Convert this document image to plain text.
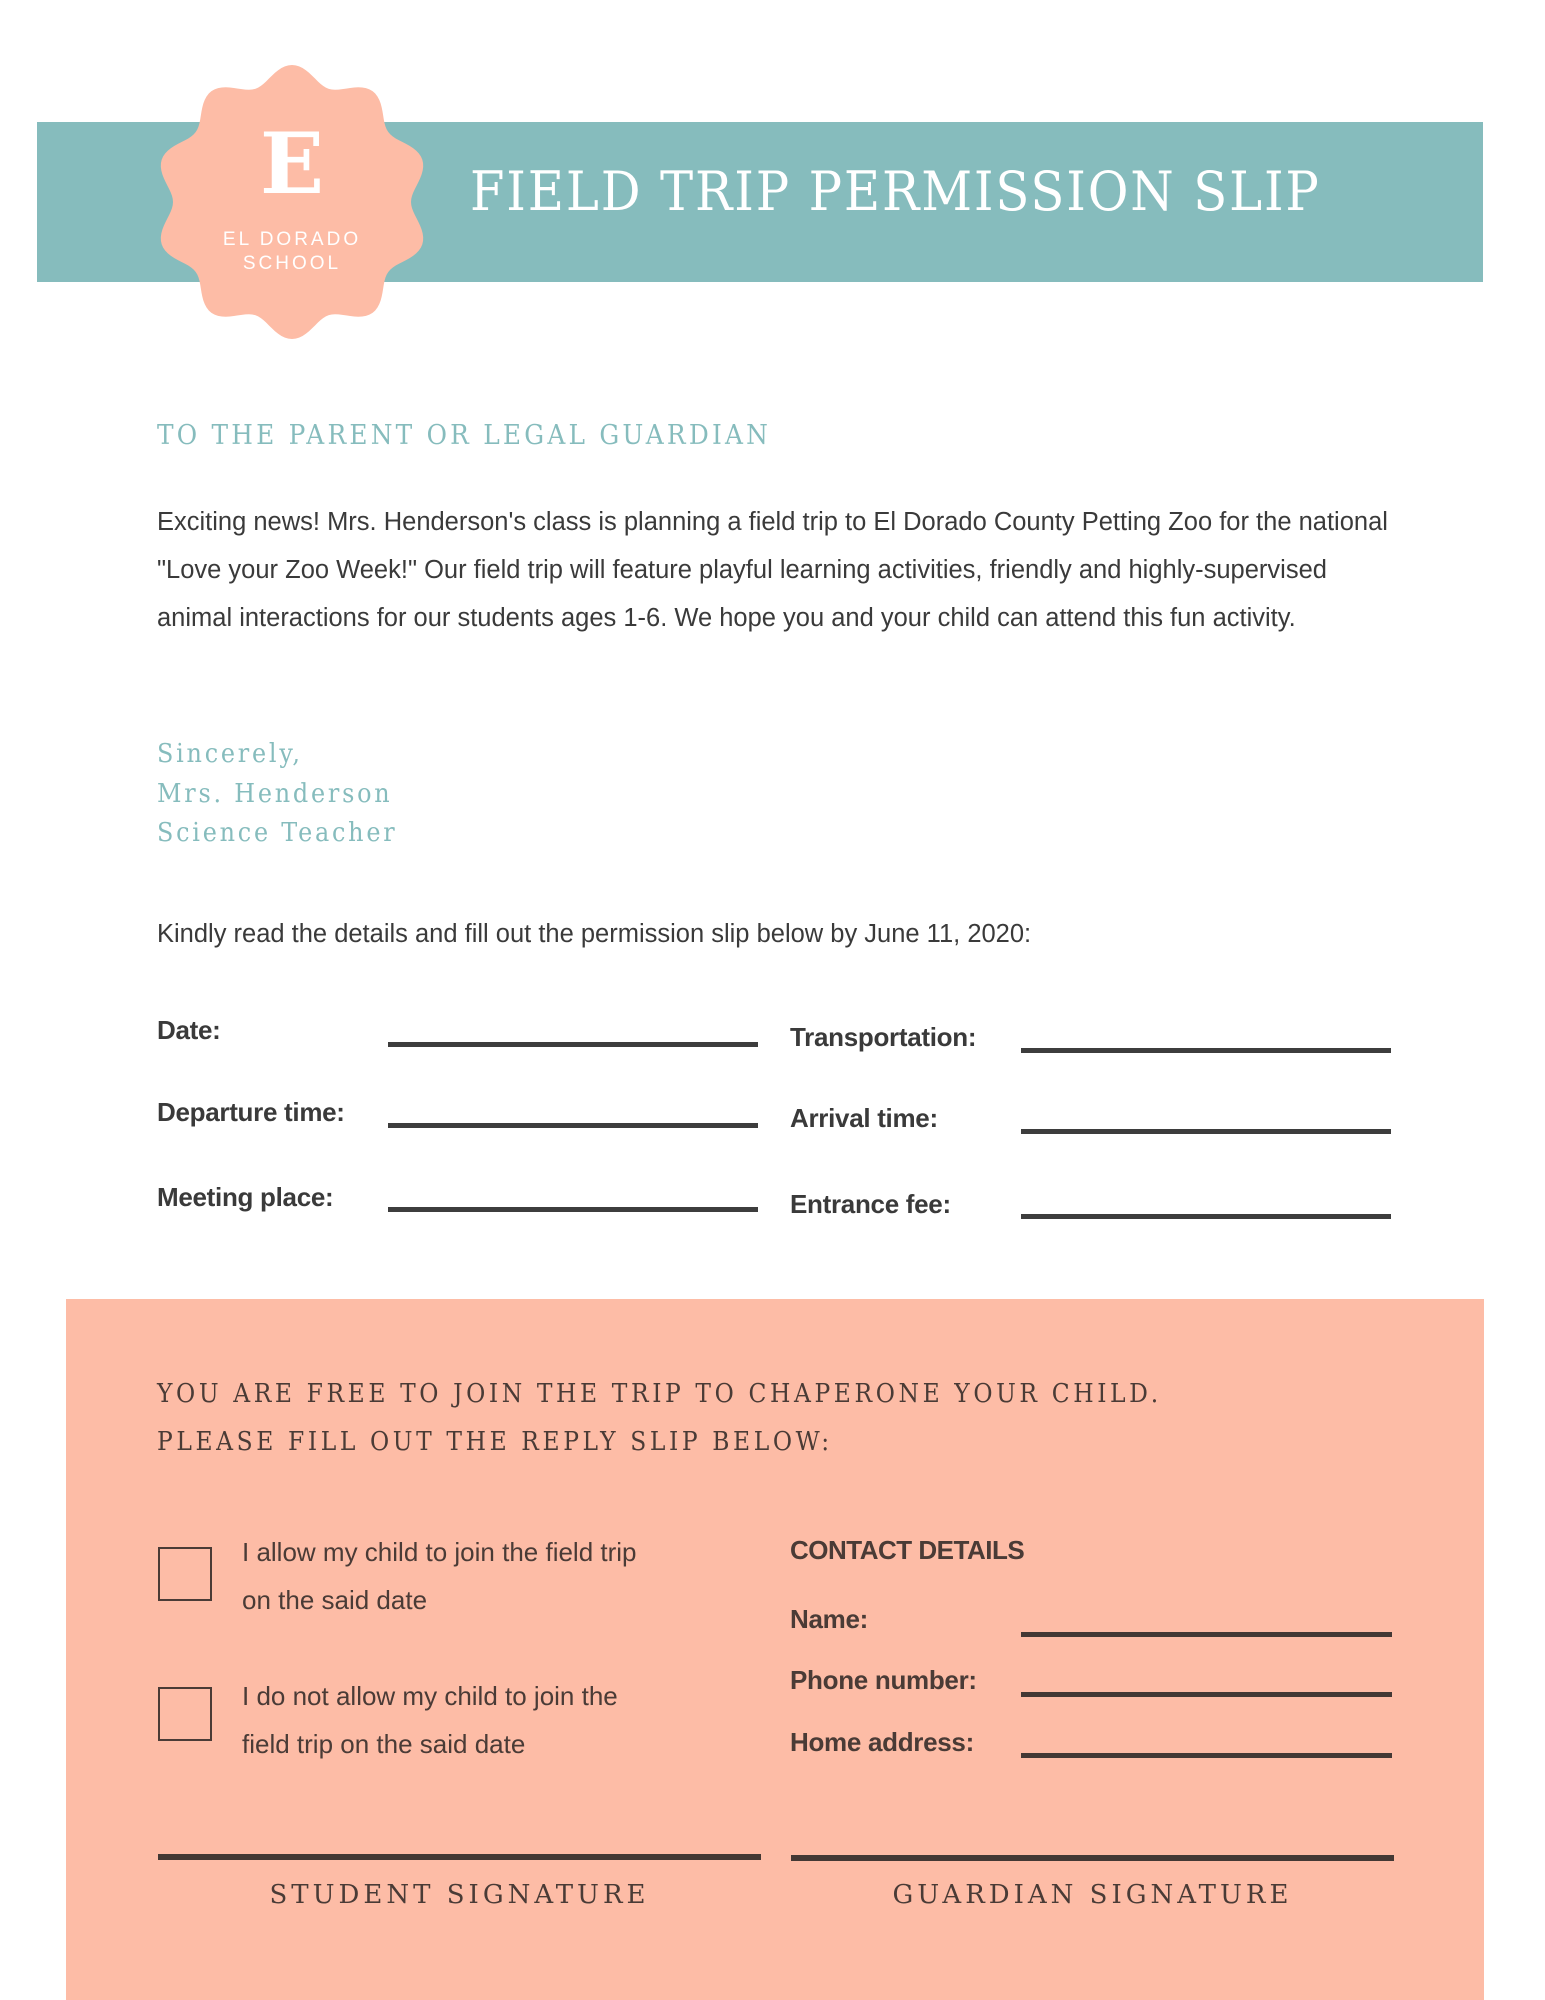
E
EL DORADO
SCHOOL
FIELD TRIP PERMISSION SLIP
TO THE PARENT OR LEGAL GUARDIAN
Exciting news! Mrs. Henderson's class is planning a field trip to El Dorado County Petting Zoo for the national "Love your Zoo Week!" Our field trip will feature playful learning activities, friendly and highly-supervised animal interactions for our students ages 1-6. We hope you and your child can attend this fun activity.
Sincerely,
Mrs. Henderson
Science Teacher
Kindly read the details and fill out the permission slip below by June 11, 2020:
Date:
Departure time:
Meeting place:
Transportation:
Arrival time:
Entrance fee:
YOU ARE FREE TO JOIN THE TRIP TO CHAPERONE YOUR CHILD.
PLEASE FILL OUT THE REPLY SLIP BELOW:
I allow my child to join the field trip on the said date
I do not allow my child to join the field trip on the said date
CONTACT DETAILS
Name:
Phone number:
Home address:
STUDENT SIGNATURE	GUARDIAN SIGNATURE
